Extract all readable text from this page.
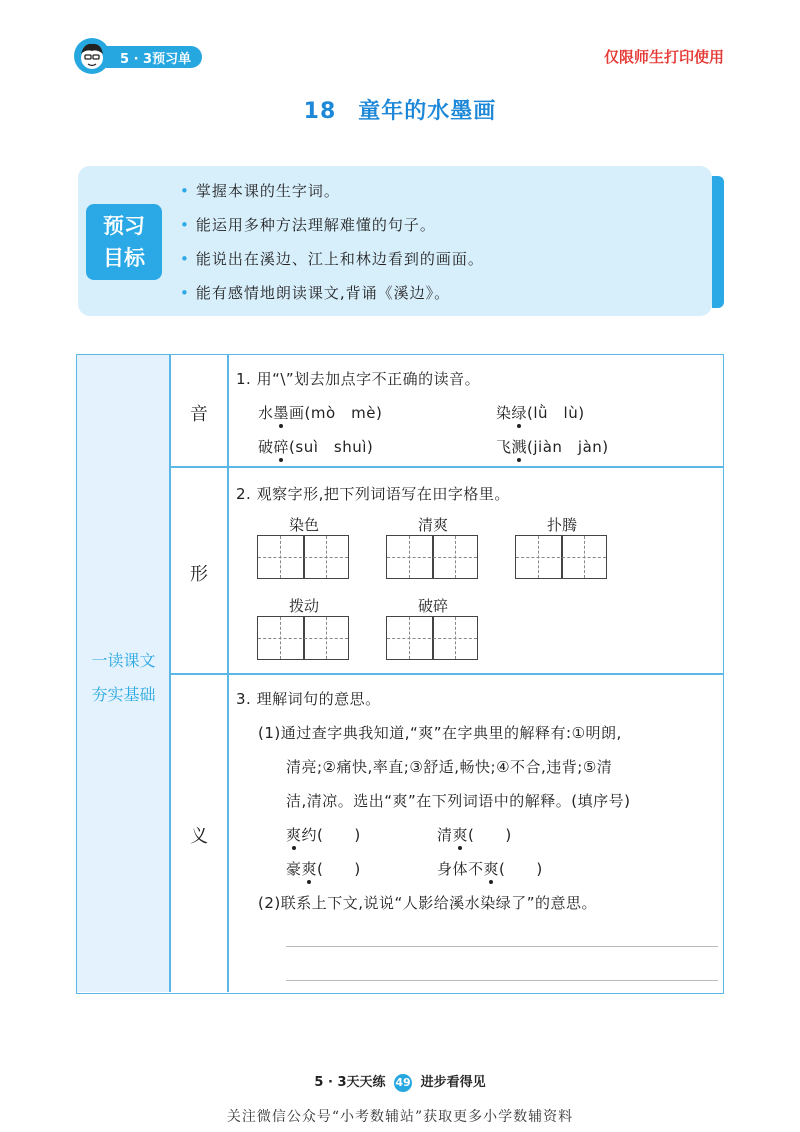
5 · 3预习单	仅限师生打印使用
18 童年的水墨画
预习
目标
• 掌握本课的生字词。
• 能运用多种方法理解难懂的句子。
• 能说出在溪边、江上和林边看到的画面。
• 能有感情地朗读课文,背诵《溪边》。
一读课文
夯实基础
音
1. 用“\”划去加点字不正确的读音。
水墨画(mò　mè)	染绿(lǜ　lù)
破碎(suì　shuì)	飞溅(jiàn　jàn)
形
2. 观察字形,把下列词语写在田字格里。
染色	清爽	扑腾
拨动	破碎
义
3. 理解词句的意思。
(1)通过查字典我知道,“爽”在字典里的解释有:①明朗,
清亮;②痛快,率直;③舒适,畅快;④不合,违背;⑤清
洁,清凉。选出“爽”在下列词语中的解释。(填序号)
爽约(　　)	清爽(　　)
豪爽(　　)	身体不爽(　　)
(2)联系上下文,说说“人影给溪水染绿了”的意思。
5 · 3天天练 49 进步看得见
关注微信公众号“小考数辅站”获取更多小学数辅资料
